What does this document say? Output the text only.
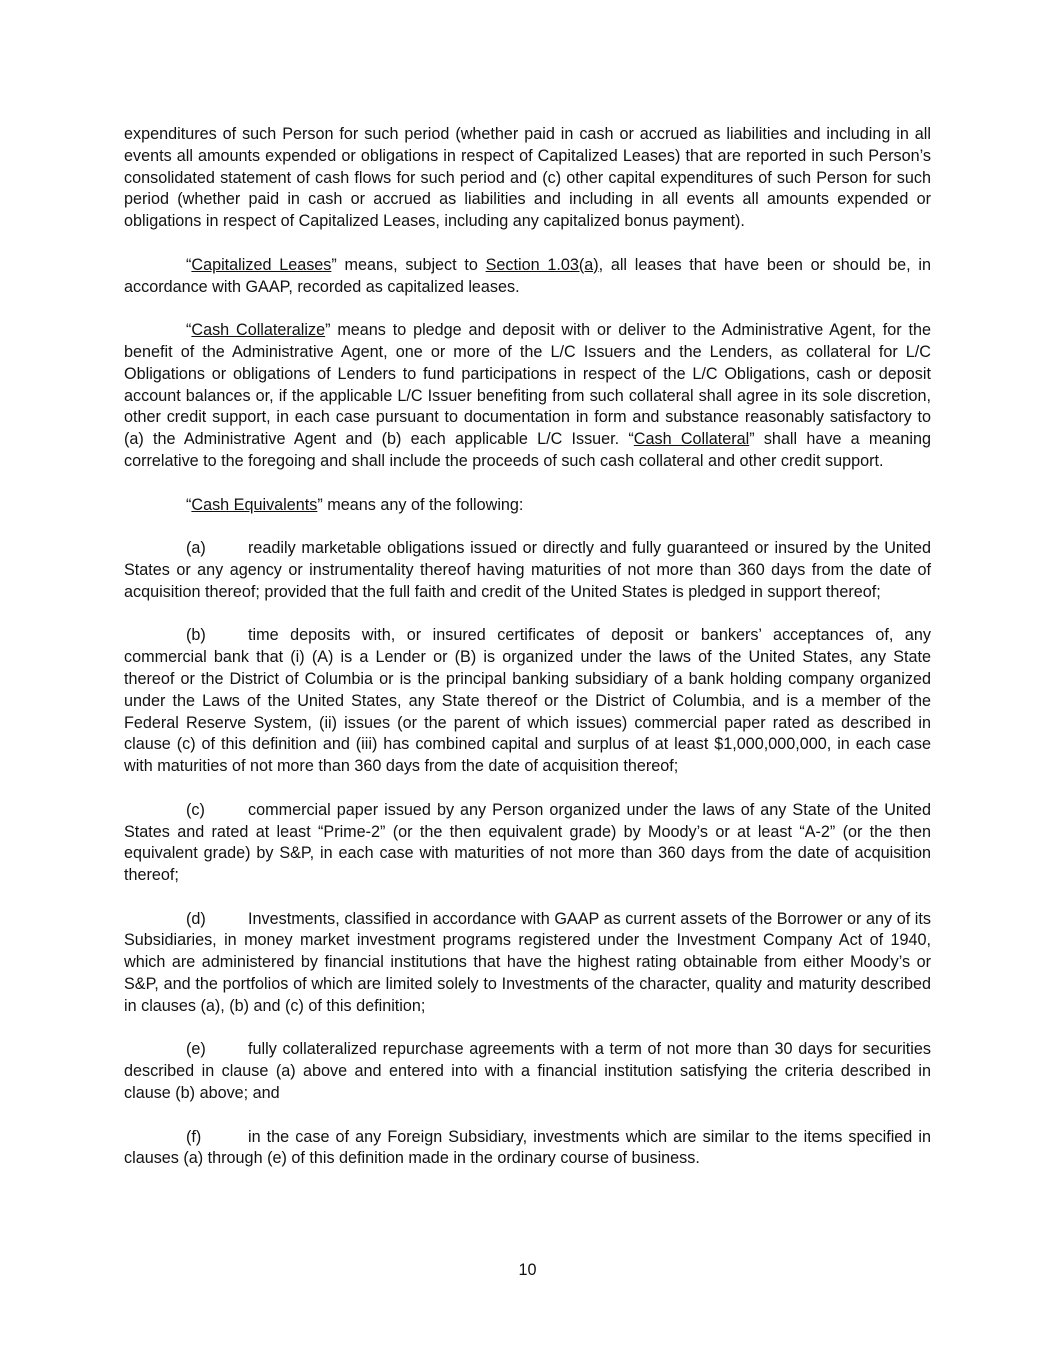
expenditures of such Person for such period (whether paid in cash or accrued as liabilities and including in all events all amounts expended or obligations in respect of Capitalized Leases) that are reported in such Person’s consolidated statement of cash flows for such period and (c) other capital expenditures of such Person for such period (whether paid in cash or accrued as liabilities and including in all events all amounts expended or obligations in respect of Capitalized Leases, including any capitalized bonus payment).

“Capitalized Leases” means, subject to Section 1.03(a), all leases that have been or should be, in accordance with GAAP, recorded as capitalized leases.

“Cash Collateralize” means to pledge and deposit with or deliver to the Administrative Agent, for the benefit of the Administrative Agent, one or more of the L/C Issuers and the Lenders, as collateral for L/C Obligations or obligations of Lenders to fund participations in respect of the L/C Obligations, cash or deposit account balances or, if the applicable L/C Issuer benefiting from such collateral shall agree in its sole discretion, other credit support, in each case pursuant to documentation in form and substance reasonably satisfactory to (a) the Administrative Agent and (b) each applicable L/C Issuer. “Cash Collateral” shall have a meaning correlative to the foregoing and shall include the proceeds of such cash collateral and other credit support.

“Cash Equivalents” means any of the following:

(a)	readily marketable obligations issued or directly and fully guaranteed or insured by the United States or any agency or instrumentality thereof having maturities of not more than 360 days from the date of acquisition thereof; provided that the full faith and credit of the United States is pledged in support thereof;

(b)	time deposits with, or insured certificates of deposit or bankers’ acceptances of, any commercial bank that (i) (A) is a Lender or (B) is organized under the laws of the United States, any State thereof or the District of Columbia or is the principal banking subsidiary of a bank holding company organized under the Laws of the United States, any State thereof or the District of Columbia, and is a member of the Federal Reserve System, (ii) issues (or the parent of which issues) commercial paper rated as described in clause (c) of this definition and (iii) has combined capital and surplus of at least $1,000,000,000, in each case with maturities of not more than 360 days from the date of acquisition thereof;

(c)	commercial paper issued by any Person organized under the laws of any State of the United States and rated at least “Prime-2” (or the then equivalent grade) by Moody’s or at least “A-2” (or the then equivalent grade) by S&P, in each case with maturities of not more than 360 days from the date of acquisition thereof;

(d)	Investments, classified in accordance with GAAP as current assets of the Borrower or any of its Subsidiaries, in money market investment programs registered under the Investment Company Act of 1940, which are administered by financial institutions that have the highest rating obtainable from either Moody’s or S&P, and the portfolios of which are limited solely to Investments of the character, quality and maturity described in clauses (a), (b) and (c) of this definition;

(e)	fully collateralized repurchase agreements with a term of not more than 30 days for securities described in clause (a) above and entered into with a financial institution satisfying the criteria described in clause (b) above; and

(f)	in the case of any Foreign Subsidiary, investments which are similar to the items specified in clauses (a) through (e) of this definition made in the ordinary course of business.

10
